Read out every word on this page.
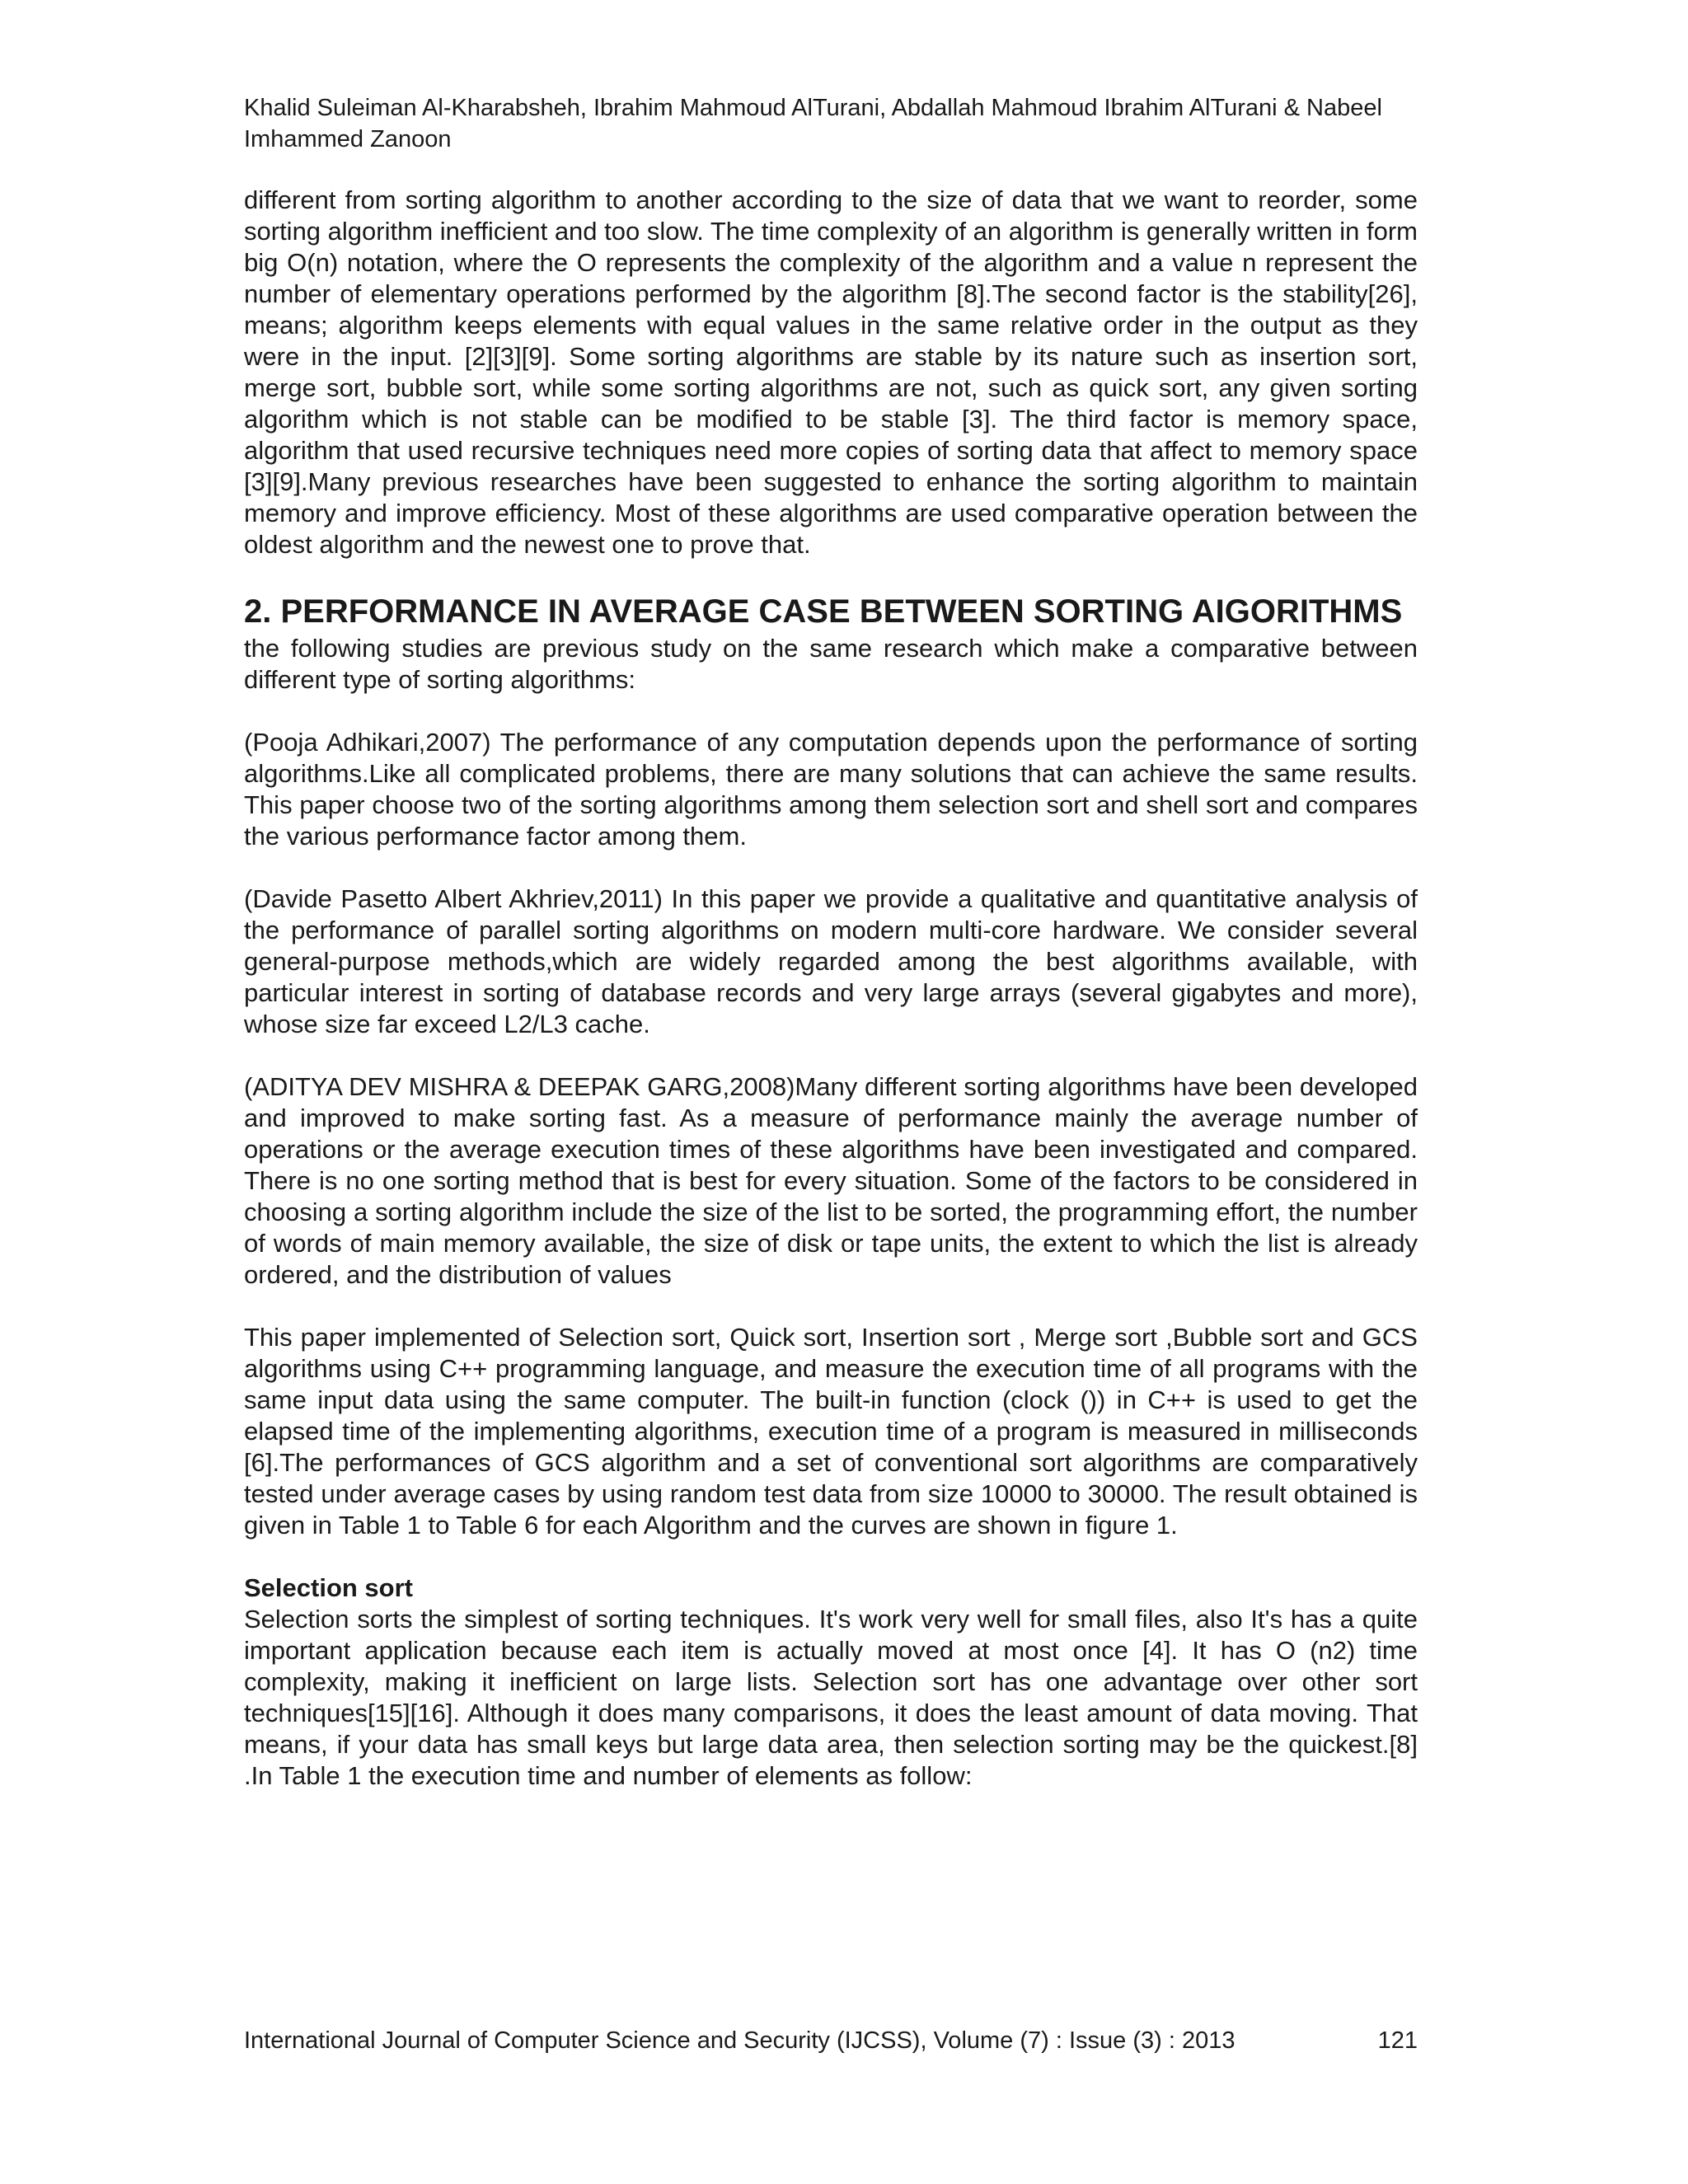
Khalid Suleiman Al-Kharabsheh, Ibrahim Mahmoud AlTurani, Abdallah Mahmoud Ibrahim AlTurani & Nabeel Imhammed Zanoon

different from sorting algorithm to another according to the size of data that we want to reorder, some sorting algorithm inefficient and too slow. The time complexity of an algorithm is generally written in form big O(n) notation, where the O represents the complexity of the algorithm and a value n represent the number of elementary operations performed by the algorithm [8].The second factor is the stability[26], means; algorithm keeps elements with equal values in the same relative order in the output as they were in the input. [2][3][9]. Some sorting algorithms are stable by its nature such as insertion sort, merge sort, bubble sort, while some sorting algorithms are not, such as quick sort, any given sorting algorithm which is not stable can be modified to be stable [3]. The third factor is memory space, algorithm that used recursive techniques need more copies of sorting data that affect to memory space [3][9].Many previous researches have been suggested to enhance the sorting algorithm to maintain memory and improve efficiency. Most of these algorithms are used comparative operation between the oldest algorithm and the newest one to prove that.

2. PERFORMANCE IN AVERAGE CASE BETWEEN SORTING AIGORITHMS

the following studies are previous study on the same research which make a comparative between different type of sorting algorithms:

(Pooja Adhikari,2007) The performance of any computation depends upon the performance of sorting algorithms.Like all complicated problems, there are many solutions that can achieve the same results. This paper choose two of the sorting algorithms among them selection sort and shell sort and compares the various performance factor among them.

(Davide Pasetto Albert Akhriev,2011) In this paper we provide a qualitative and quantitative analysis of the performance of parallel sorting algorithms on modern multi-core hardware. We consider several general-purpose methods,which are widely regarded among the best algorithms available, with particular interest in sorting of database records and very large arrays (several gigabytes and more), whose size far exceed L2/L3 cache.

(ADITYA DEV MISHRA & DEEPAK GARG,2008)Many different sorting algorithms have been developed and improved to make sorting fast. As a measure of performance mainly the average number of operations or the average execution times of these algorithms have been investigated and compared. There is no one sorting method that is best for every situation. Some of the factors to be considered in choosing a sorting algorithm include the size of the list to be sorted, the programming effort, the number of words of main memory available, the size of disk or tape units, the extent to which the list is already ordered, and the distribution of values

This paper implemented of Selection sort, Quick sort, Insertion sort , Merge sort ,Bubble sort and GCS algorithms using C++ programming language, and measure the execution time of all programs with the same input data using the same computer. The built-in function (clock ()) in C++ is used to get the elapsed time of the implementing algorithms, execution time of a program is measured in milliseconds [6].The performances of GCS algorithm and a set of conventional sort algorithms are comparatively tested under average cases by using random test data from size 10000 to 30000. The result obtained is given in Table 1 to Table 6 for each Algorithm and the curves are shown in figure 1.

Selection sort

Selection sorts the simplest of sorting techniques. It's work very well for small files, also It's has a quite important application because each item is actually moved at most once [4]. It has O (n2) time complexity, making it inefficient on large lists. Selection sort has one advantage over other sort techniques[15][16]. Although it does many comparisons, it does the least amount of data moving. That means, if your data has small keys but large data area, then selection sorting may be the quickest.[8] .In Table 1 the execution time and number of elements as follow:

International Journal of Computer Science and Security (IJCSS), Volume (7) : Issue (3) : 2013	121
